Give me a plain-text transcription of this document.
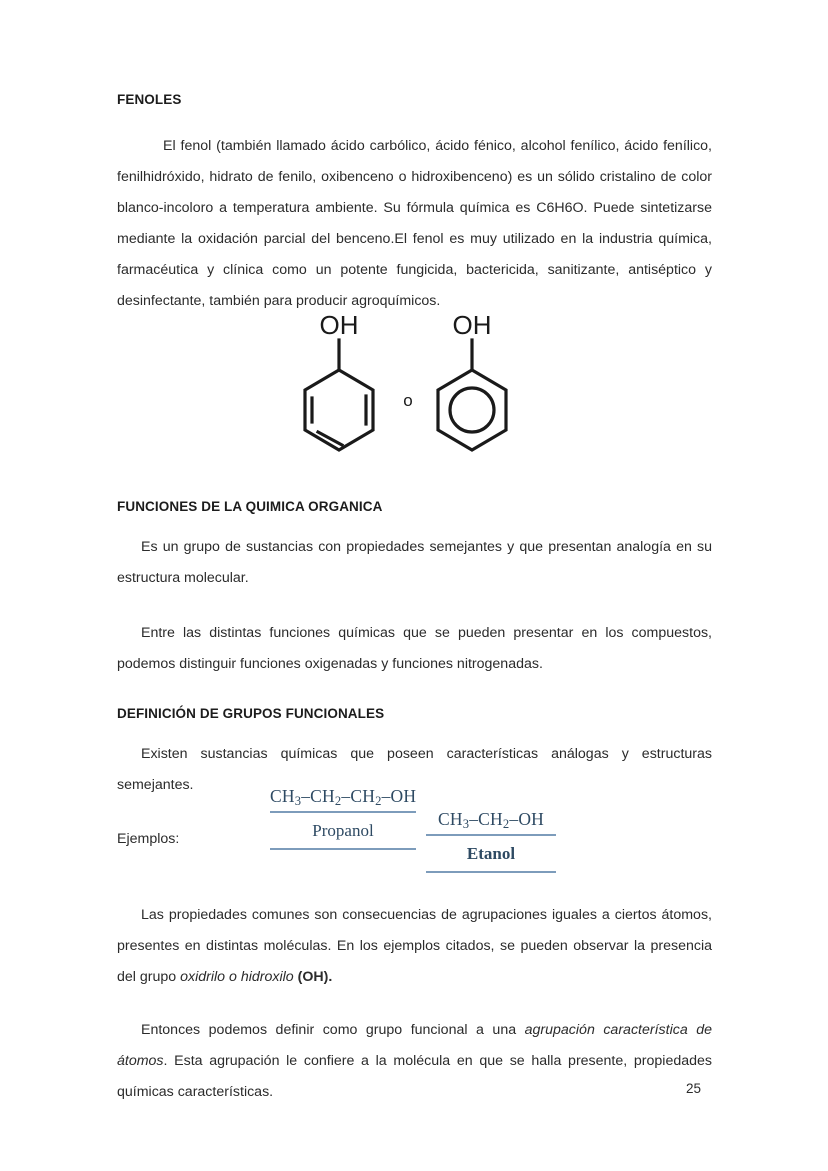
FENOLES

El fenol (también llamado ácido carbólico, ácido fénico, alcohol fenílico, ácido fenílico, fenilhidróxido, hidrato de fenilo, oxibenceno o hidroxibenceno) es un sólido cristalino de color blanco-incoloro a temperatura ambiente. Su fórmula química es C6H6O. Puede sintetizarse mediante la oxidación parcial del benceno.El fenol es muy utilizado en la industria química, farmacéutica y clínica como un potente fungicida, bactericida, sanitizante, antiséptico y desinfectante, también para producir agroquímicos.

OH
o
OH
FUNCIONES DE LA QUIMICA ORGANICA

Es un grupo de sustancias con propiedades semejantes y que presentan analogía en su estructura molecular.

Entre las distintas funciones químicas que se pueden presentar en los compuestos, podemos distinguir funciones oxigenadas y funciones nitrogenadas.

DEFINICIÓN DE GRUPOS FUNCIONALES

Existen sustancias químicas que poseen características análogas y estructuras semejantes.

Ejemplos:

$CH_3-CH_2-CH_2-OH$
Propanol
$CH_3-CH_2-OH$
Etanol

Las propiedades comunes son consecuencias de agrupaciones iguales a ciertos átomos, presentes en distintas moléculas. En los ejemplos citados, se pueden observar la presencia del grupo oxidrilo o hidroxilo (OH).

Entonces podemos definir como grupo funcional a una agrupación característica de átomos. Esta agrupación le confiere a la molécula en que se halla presente, propiedades químicas características.	25
